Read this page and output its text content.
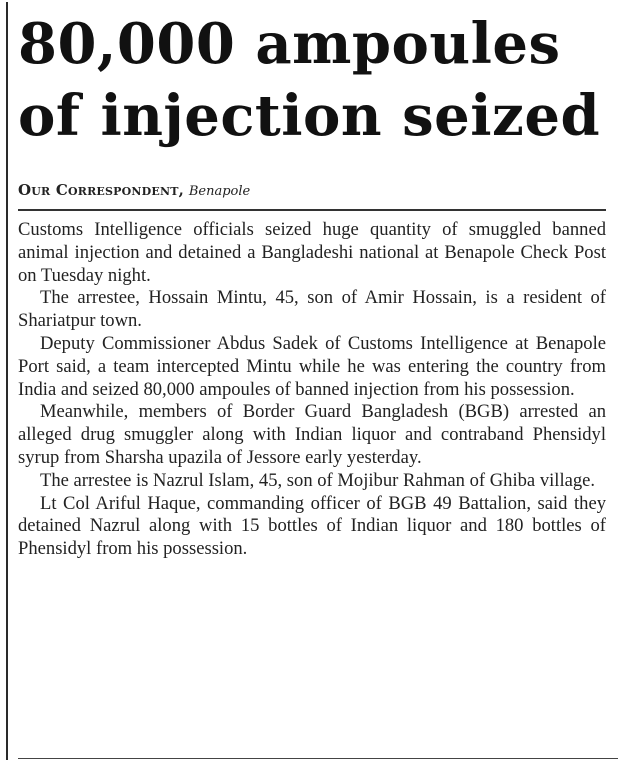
80,000 ampoules of injection seized
Our Correspondent, Benapole

Customs Intelligence officials seized huge quantity of smuggled banned animal injection and detained a Bangladeshi national at Benapole Check Post on Tuesday night.

The arrestee, Hossain Mintu, 45, son of Amir Hossain, is a resident of Shariatpur town.

Deputy Commissioner Abdus Sadek of Customs Intelligence at Benapole Port said, a team intercepted Mintu while he was entering the country from India and seized 80,000 ampoules of banned injection from his possession.

Meanwhile, members of Border Guard Bangladesh (BGB) arrested an alleged drug smuggler along with Indian liquor and contraband Phensidyl syrup from Sharsha upazila of Jessore early yesterday.

The arrestee is Nazrul Islam, 45, son of Mojibur Rahman of Ghiba village.

Lt Col Ariful Haque, commanding officer of BGB 49 Battalion, said they detained Nazrul along with 15 bottles of Indian liquor and 180 bottles of Phensidyl from his possession.
